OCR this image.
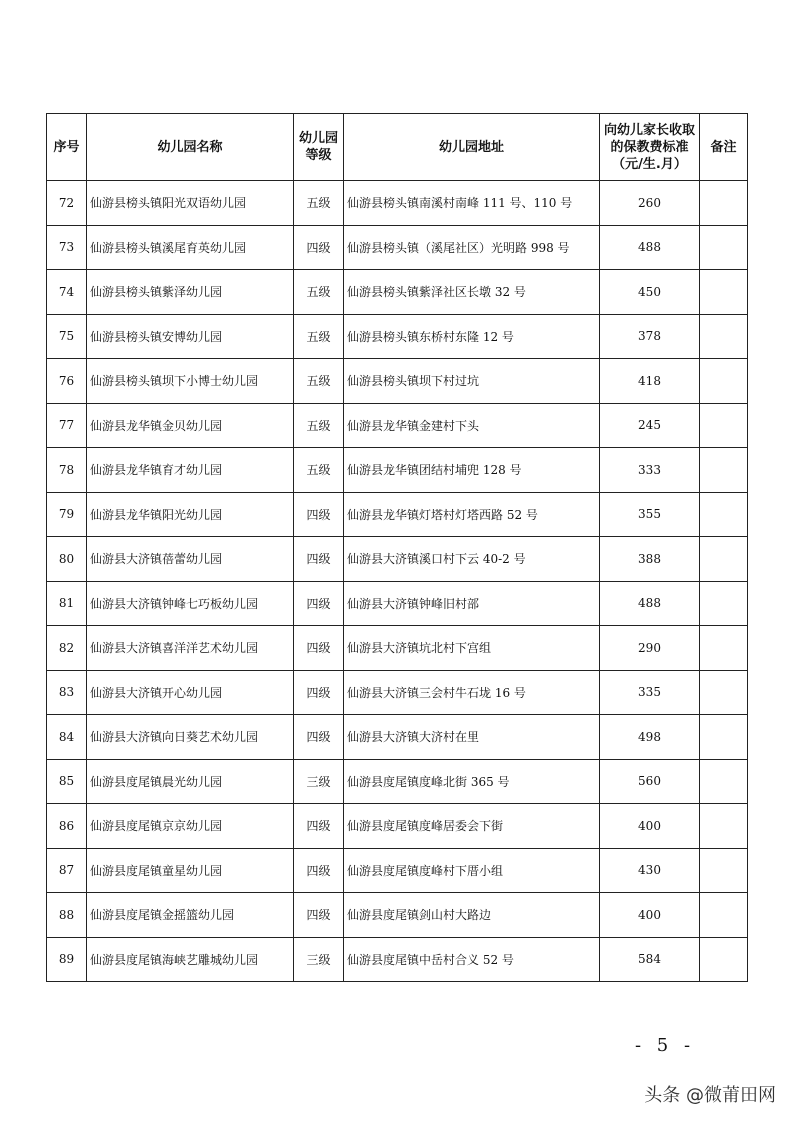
序号	幼儿园名称	幼儿园等级	幼儿园地址	向幼儿家长收取的保教费标准（元/生.月）	备注
72	仙游县榜头镇阳光双语幼儿园	五级	仙游县榜头镇南溪村南峰 111 号、110 号	260	
73	仙游县榜头镇溪尾育英幼儿园	四级	仙游县榜头镇（溪尾社区）光明路 998 号	488	
74	仙游县榜头镇紫泽幼儿园	五级	仙游县榜头镇紫泽社区长墩 32 号	450	
75	仙游县榜头镇安博幼儿园	五级	仙游县榜头镇东桥村东隆 12 号	378	
76	仙游县榜头镇坝下小博士幼儿园	五级	仙游县榜头镇坝下村过坑	418	
77	仙游县龙华镇金贝幼儿园	五级	仙游县龙华镇金建村下头	245	
78	仙游县龙华镇育才幼儿园	五级	仙游县龙华镇团结村埔兜 128 号	333	
79	仙游县龙华镇阳光幼儿园	四级	仙游县龙华镇灯塔村灯塔西路 52 号	355	
80	仙游县大济镇蓓蕾幼儿园	四级	仙游县大济镇溪口村下云 40-2 号	388	
81	仙游县大济镇钟峰七巧板幼儿园	四级	仙游县大济镇钟峰旧村部	488	
82	仙游县大济镇喜洋洋艺术幼儿园	四级	仙游县大济镇坑北村下宫组	290	
83	仙游县大济镇开心幼儿园	四级	仙游县大济镇三会村牛石垅 16 号	335	
84	仙游县大济镇向日葵艺术幼儿园	四级	仙游县大济镇大济村在里	498	
85	仙游县度尾镇晨光幼儿园	三级	仙游县度尾镇度峰北街 365 号	560	
86	仙游县度尾镇京京幼儿园	四级	仙游县度尾镇度峰居委会下街	400	
87	仙游县度尾镇童星幼儿园	四级	仙游县度尾镇度峰村下厝小组	430	
88	仙游县度尾镇金摇篮幼儿园	四级	仙游县度尾镇剑山村大路边	400	
89	仙游县度尾镇海峡艺雕城幼儿园	三级	仙游县度尾镇中岳村合义 52 号	584	
- 5 -
头条 @微莆田网
